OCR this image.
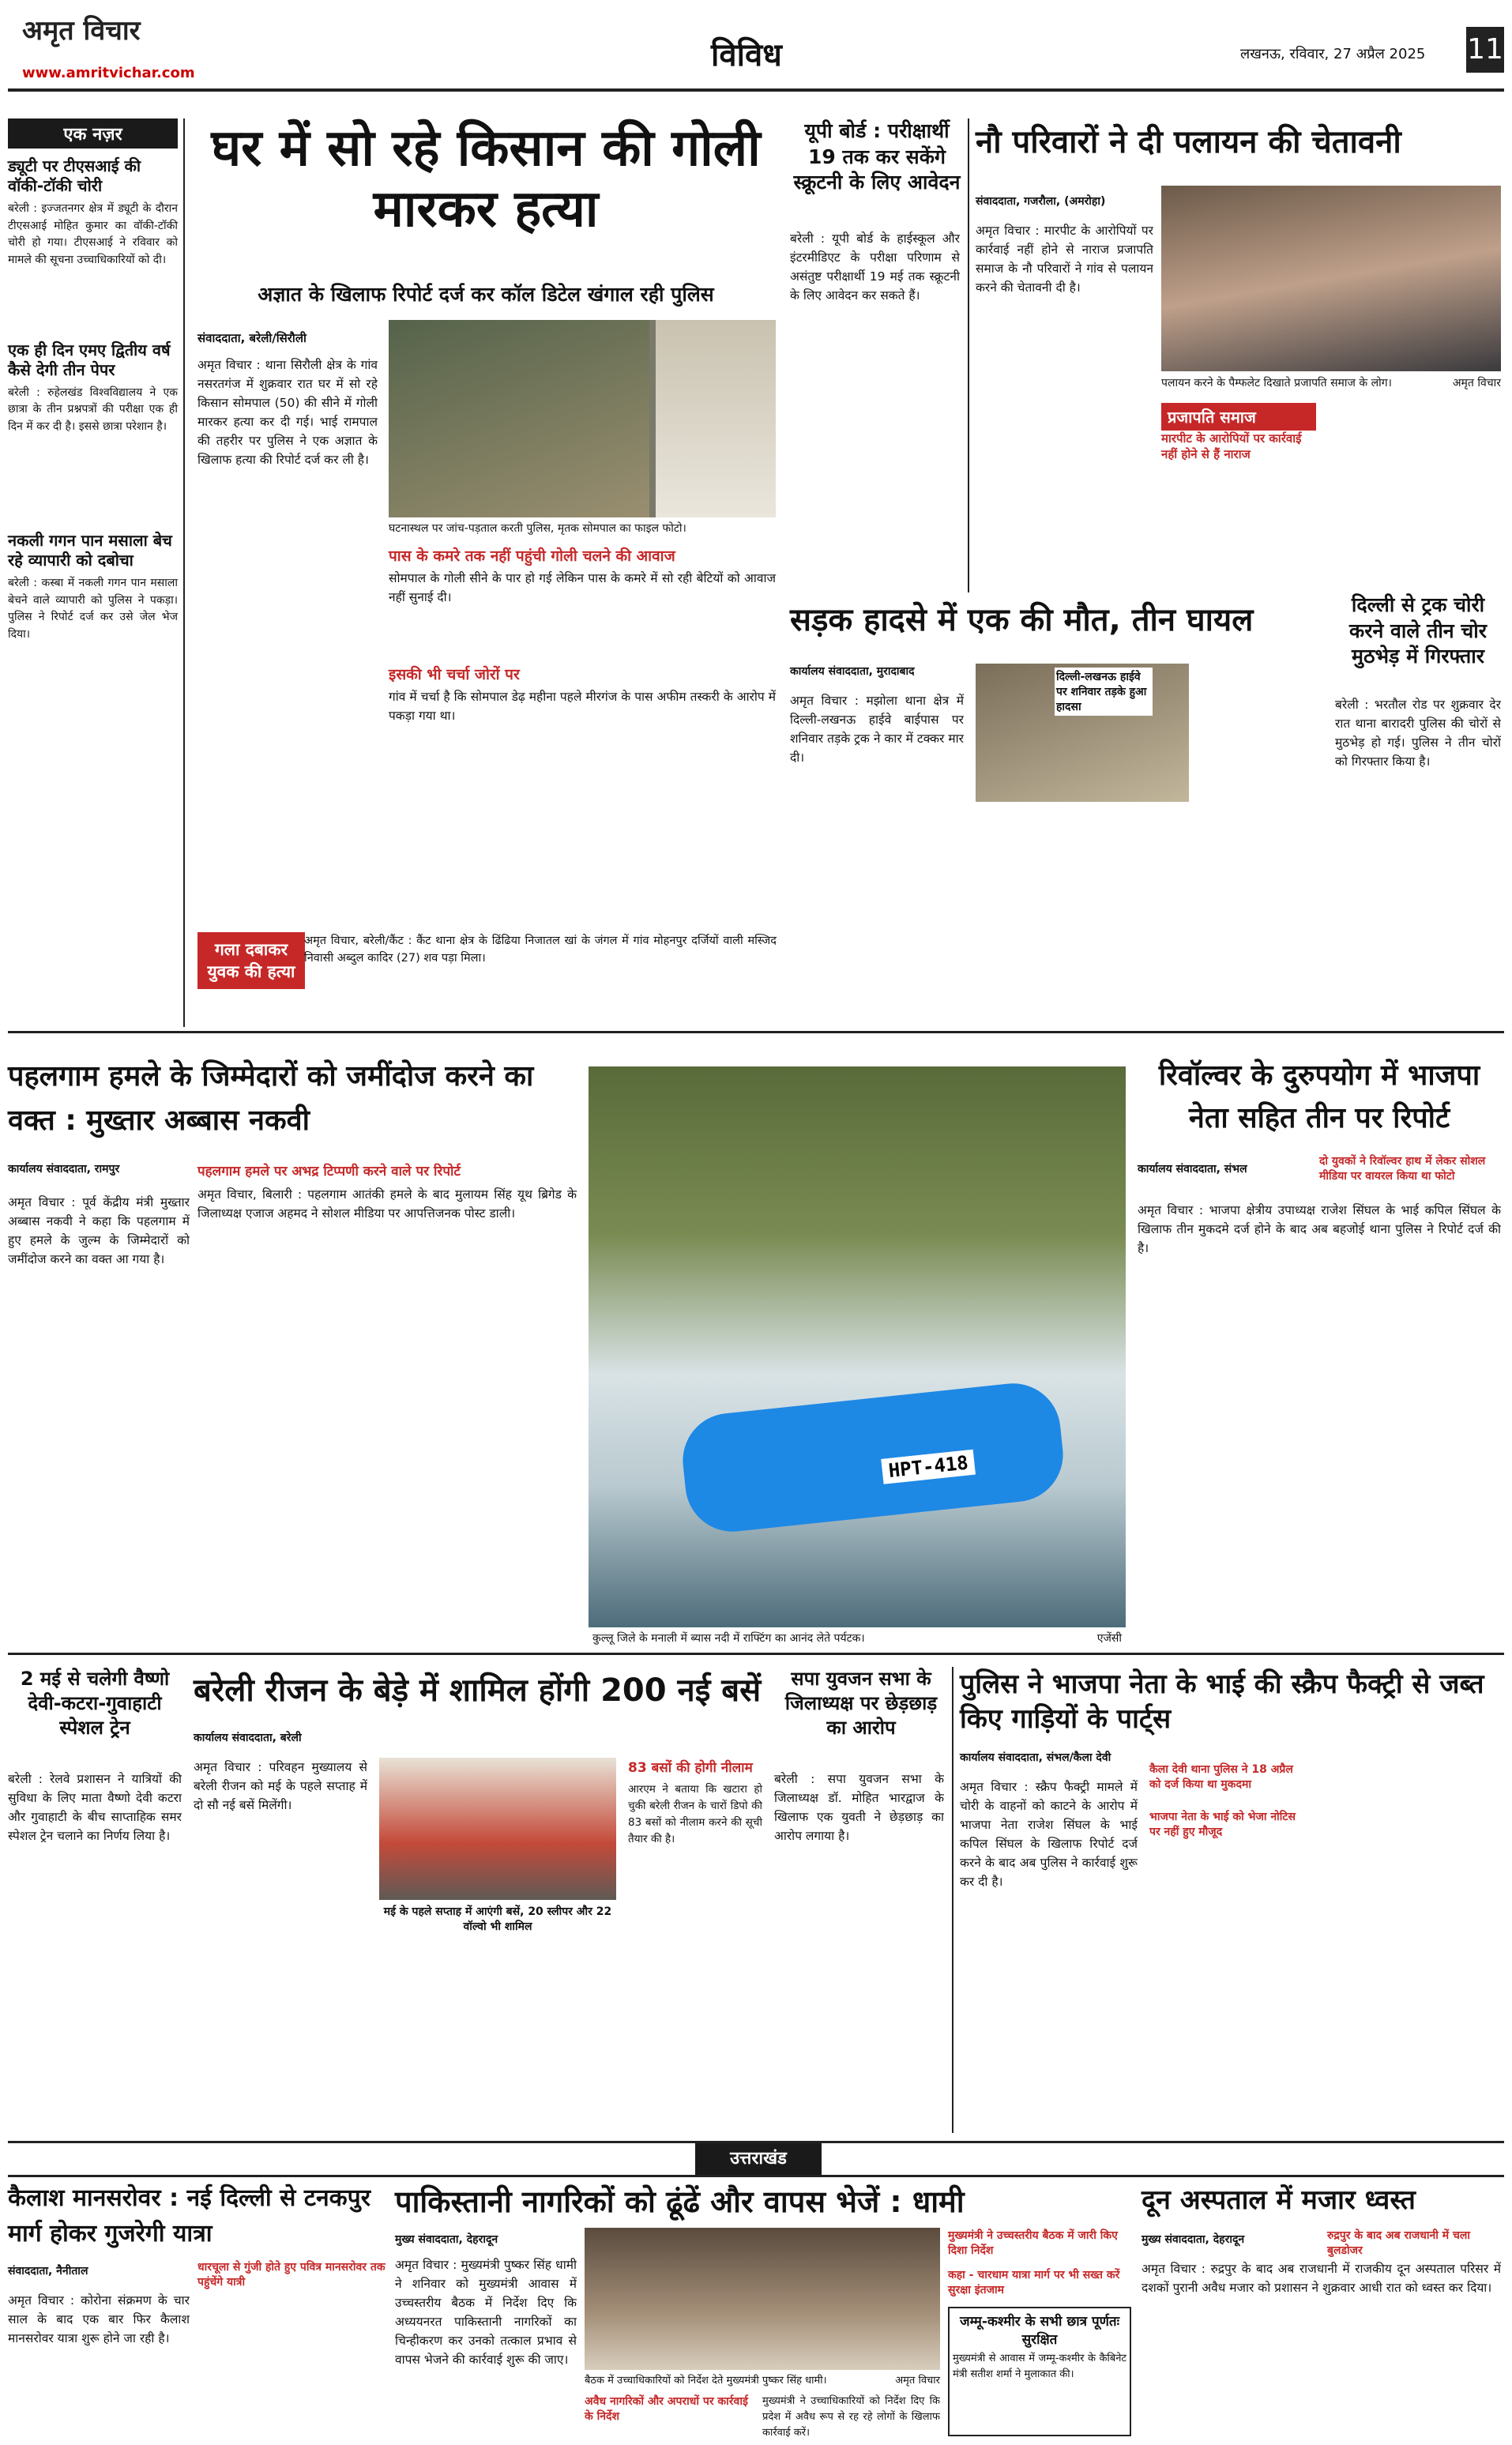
अमृत विचार
www.amritvichar.com	विविध	लखनऊ, रविवार, 27 अप्रैल 2025 11
एक नज़र
ड्यूटी पर टीएसआई की वॉकी-टॉकी चोरी
बरेली : इज्जतनगर क्षेत्र में ड्यूटी के दौरान टीएसआई मोहित कुमार का वॉकी-टॉकी चोरी हो गया। टीएसआई ने रविवार को मामले की सूचना उच्चाधिकारियों को दी।
एक ही दिन एमए द्वितीय वर्ष कैसे देगी तीन पेपर
बरेली : रुहेलखंड विश्वविद्यालय ने एक छात्रा के तीन प्रश्नपत्रों की परीक्षा एक ही दिन में कर दी है। इससे छात्रा परेशान है।
नकली गगन पान मसाला बेच रहे व्यापारी को दबोचा
बरेली : कस्बा में नकली गगन पान मसाला बेचने वाले व्यापारी को पुलिस ने पकड़ा। पुलिस ने रिपोर्ट दर्ज कर उसे जेल भेज दिया।
घर में सो रहे किसान की गोली मारकर हत्या
अज्ञात के खिलाफ रिपोर्ट दर्ज कर कॉल डिटेल खंगाल रही पुलिस
संवाददाता, बरेली/सिरौली
अमृत विचार : थाना सिरौली क्षेत्र के गांव नसरतगंज में शुक्रवार रात घर में सो रहे किसान सोमपाल (50) की सीने में गोली मारकर हत्या कर दी गई। भाई रामपाल की तहरीर पर पुलिस ने एक अज्ञात के खिलाफ हत्या की रिपोर्ट दर्ज कर ली है।
घटनास्थल पर जांच-पड़ताल करती पुलिस, मृतक सोमपाल का फाइल फोटो।
पास के कमरे तक नहीं पहुंची गोली चलने की आवाज
सोमपाल के गोली सीने के पार हो गई लेकिन पास के कमरे में सो रही बेटियों को आवाज नहीं सुनाई दी।
इसकी भी चर्चा जोरों पर
गांव में चर्चा है कि सोमपाल डेढ़ महीना पहले मीरगंज के पास अफीम तस्करी के आरोप में पकड़ा गया था।
गला दबाकर युवक की हत्या
अमृत विचार, बरेली/कैंट : कैंट थाना क्षेत्र के ढिंढिया निजातल खां के जंगल में गांव मोहनपुर दर्जियों वाली मस्जिद निवासी अब्दुल कादिर (27) शव पड़ा मिला।
यूपी बोर्ड : परीक्षार्थी 19 तक कर सकेंगे स्क्रूटनी के लिए आवेदन
बरेली : यूपी बोर्ड के हाईस्कूल और इंटरमीडिएट के परीक्षा परिणाम से असंतुष्ट परीक्षार्थी 19 मई तक स्क्रूटनी के लिए आवेदन कर सकते हैं।
नौ परिवारों ने दी पलायन की चेतावनी
संवाददाता, गजरौला, (अमरोहा)
अमृत विचार : मारपीट के आरोपियों पर कार्रवाई नहीं होने से नाराज प्रजापति समाज के नौ परिवारों ने गांव से पलायन करने की चेतावनी दी है।
पलायन करने के पैम्फलेट दिखाते प्रजापति समाज के लोग।	अमृत विचार
प्रजापति समाज
मारपीट के आरोपियों पर कार्रवाई नहीं होने से हैं नाराज
दिल्ली से ट्रक चोरी करने वाले तीन चोर मुठभेड़ में गिरफ्तार
बरेली : भरतौल रोड पर शुक्रवार देर रात थाना बारादरी पुलिस की चोरों से मुठभेड़ हो गई। पुलिस ने तीन चोरों को गिरफ्तार किया है।
सड़क हादसे में एक की मौत, तीन घायल
कार्यालय संवाददाता, मुरादाबाद
अमृत विचार : मझोला थाना क्षेत्र में दिल्ली-लखनऊ हाईवे बाईपास पर शनिवार तड़के ट्रक ने कार में टक्कर मार दी।
दिल्ली-लखनऊ हाईवे पर शनिवार तड़के हुआ हादसा
पहलगाम हमले के जिम्मेदारों को जमींदोज करने का वक्त : मुख्तार अब्बास नकवी
कार्यालय संवाददाता, रामपुर
अमृत विचार : पूर्व केंद्रीय मंत्री मुख्तार अब्बास नकवी ने कहा कि पहलगाम में हुए हमले के जुल्म के जिम्मेदारों को जमींदोज करने का वक्त आ गया है।
पहलगाम हमले पर अभद्र टिप्पणी करने वाले पर रिपोर्ट
अमृत विचार, बिलारी : पहलगाम आतंकी हमले के बाद मुलायम सिंह यूथ ब्रिगेड के जिलाध्यक्ष एजाज अहमद ने सोशल मीडिया पर आपत्तिजनक पोस्ट डाली।
HPT-418
कुल्लू जिले के मनाली में ब्यास नदी में राफ्टिंग का आनंद लेते पर्यटक।	एजेंसी
रिवॉल्वर के दुरुपयोग में भाजपा नेता सहित तीन पर रिपोर्ट
कार्यालय संवाददाता, संभल
दो युवकों ने रिवॉल्वर हाथ में लेकर सोशल मीडिया पर वायरल किया था फोटो
अमृत विचार : भाजपा क्षेत्रीय उपाध्यक्ष राजेश सिंघल के भाई कपिल सिंघल के खिलाफ तीन मुकदमे दर्ज होने के बाद अब बहजोई थाना पुलिस ने रिपोर्ट दर्ज की है।
2 मई से चलेगी वैष्णो देवी-कटरा-गुवाहाटी स्पेशल ट्रेन
बरेली : रेलवे प्रशासन ने यात्रियों की सुविधा के लिए माता वैष्णो देवी कटरा और गुवाहाटी के बीच साप्ताहिक समर स्पेशल ट्रेन चलाने का निर्णय लिया है।
बरेली रीजन के बेड़े में शामिल होंगी 200 नई बसें
कार्यालय संवाददाता, बरेली
अमृत विचार : परिवहन मुख्यालय से बरेली रीजन को मई के पहले सप्ताह में दो सौ नई बसें मिलेंगी।
मई के पहले सप्ताह में आएंगी बसें, 20 स्लीपर और 22 वॉल्वो भी शामिल
83 बसों की होगी नीलाम
आरएम ने बताया कि खटारा हो चुकी बरेली रीजन के चारों डिपो की 83 बसों को नीलाम करने की सूची तैयार की है।
सपा युवजन सभा के जिलाध्यक्ष पर छेड़छाड़ का आरोप
बरेली : सपा युवजन सभा के जिलाध्यक्ष डॉ. मोहित भारद्वाज के खिलाफ एक युवती ने छेड़छाड़ का आरोप लगाया है।
पुलिस ने भाजपा नेता के भाई की स्क्रैप फैक्ट्री से जब्त किए गाड़ियों के पार्ट्स
कार्यालय संवाददाता, संभल/कैला देवी
कैला देवी थाना पुलिस ने 18 अप्रैल को दर्ज किया था मुकदमा
भाजपा नेता के भाई को भेजा नोटिस पर नहीं हुए मौजूद
अमृत विचार : स्क्रैप फैक्ट्री मामले में चोरी के वाहनों को काटने के आरोप में भाजपा नेता राजेश सिंघल के भाई कपिल सिंघल के खिलाफ रिपोर्ट दर्ज करने के बाद अब पुलिस ने कार्रवाई शुरू कर दी है।
उत्तराखंड
कैलाश मानसरोवर : नई दिल्ली से टनकपुर मार्ग होकर गुजरेगी यात्रा
संवाददाता, नैनीताल	धारचूला से गुंजी होते हुए पवित्र मानसरोवर तक पहुंचेंगे यात्री
अमृत विचार : कोरोना संक्रमण के चार साल के बाद एक बार फिर कैलाश मानसरोवर यात्रा शुरू होने जा रही है।
पाकिस्तानी नागरिकों को ढूंढें और वापस भेजें : धामी
मुख्य संवाददाता, देहरादून
अमृत विचार : मुख्यमंत्री पुष्कर सिंह धामी ने शनिवार को मुख्यमंत्री आवास में उच्चस्तरीय बैठक में निर्देश दिए कि अध्ययनरत पाकिस्तानी नागरिकों का चिन्हीकरण कर उनको तत्काल प्रभाव से वापस भेजने की कार्रवाई शुरू की जाए।
बैठक में उच्चाधिकारियों को निर्देश देते मुख्यमंत्री पुष्कर सिंह धामी।	अमृत विचार
मुख्यमंत्री ने उच्चस्तरीय बैठक में जारी किए दिशा निर्देश
कहा - चारधाम यात्रा मार्ग पर भी सख्त करें सुरक्षा इंतजाम
जम्मू-कश्मीर के सभी छात्र पूर्णतः सुरक्षित
मुख्यमंत्री से आवास में जम्मू-कश्मीर के कैबिनेट मंत्री सतीश शर्मा ने मुलाकात की।
अवैध नागरिकों और अपराधों पर कार्रवाई के निर्देश
मुख्यमंत्री ने उच्चाधिकारियों को निर्देश दिए कि प्रदेश में अवैध रूप से रह रहे लोगों के खिलाफ कार्रवाई करें।
दून अस्पताल में मजार ध्वस्त
मुख्य संवाददाता, देहरादून	रुद्रपुर के बाद अब राजधानी में चला बुलडोजर
अमृत विचार : रुद्रपुर के बाद अब राजधानी में राजकीय दून अस्पताल परिसर में दशकों पुरानी अवैध मजार को प्रशासन ने शुक्रवार आधी रात को ध्वस्त कर दिया।
